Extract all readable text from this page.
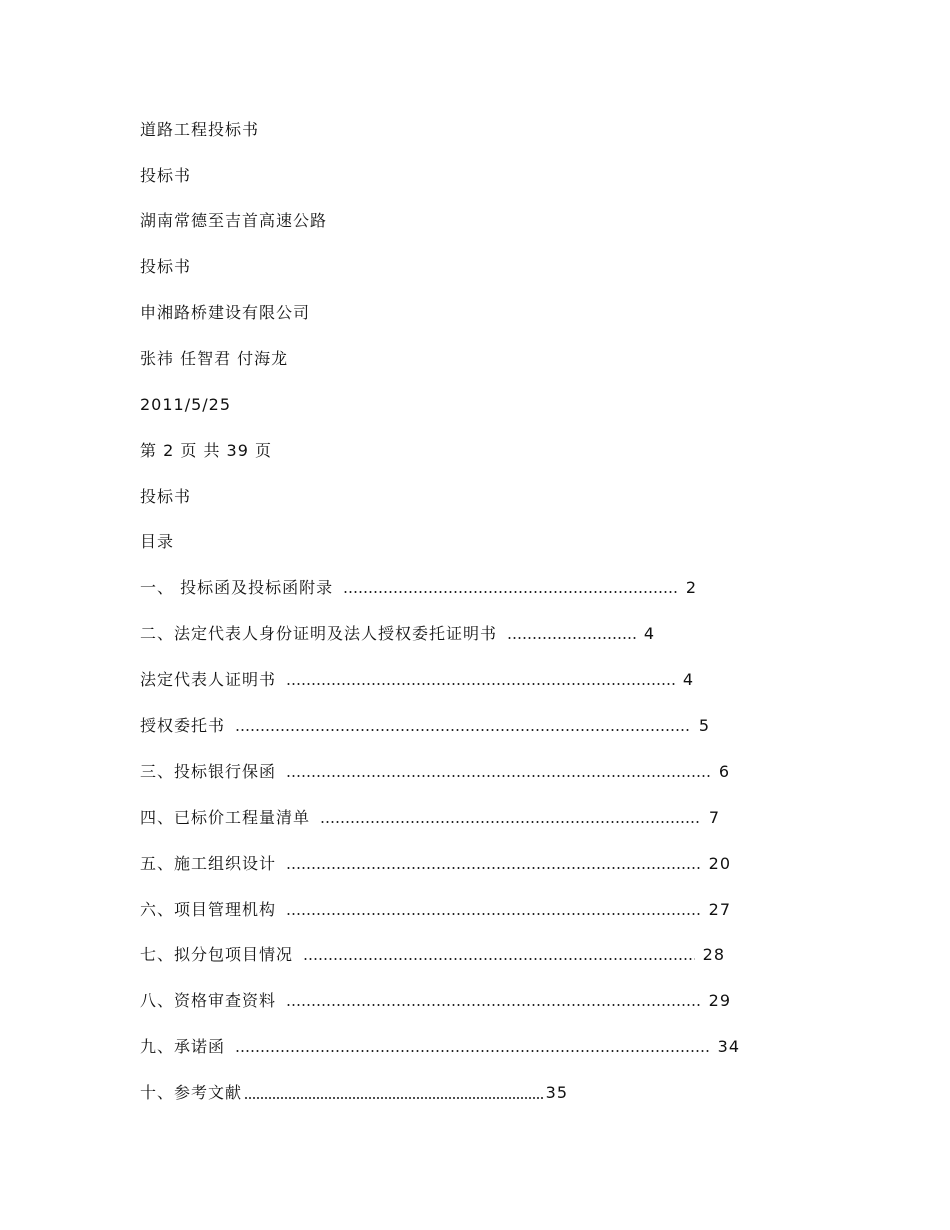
道路工程投标书
投标书
湖南常德至吉首高速公路
投标书
申湘路桥建设有限公司
张祎 任智君 付海龙
2011/5/25
第 2 页 共 39 页
投标书
目录
一、 投标函及投标函附录	2
二、法定代表人身份证明及法人授权委托证明书	4
法定代表人证明书	4
授权委托书	5
三、投标银行保函	6
四、已标价工程量清单	7
五、施工组织设计	20
六、项目管理机构	27
七、拟分包项目情况	28
八、资格审查资料	29
九、承诺函	34
十、参考文献	35
